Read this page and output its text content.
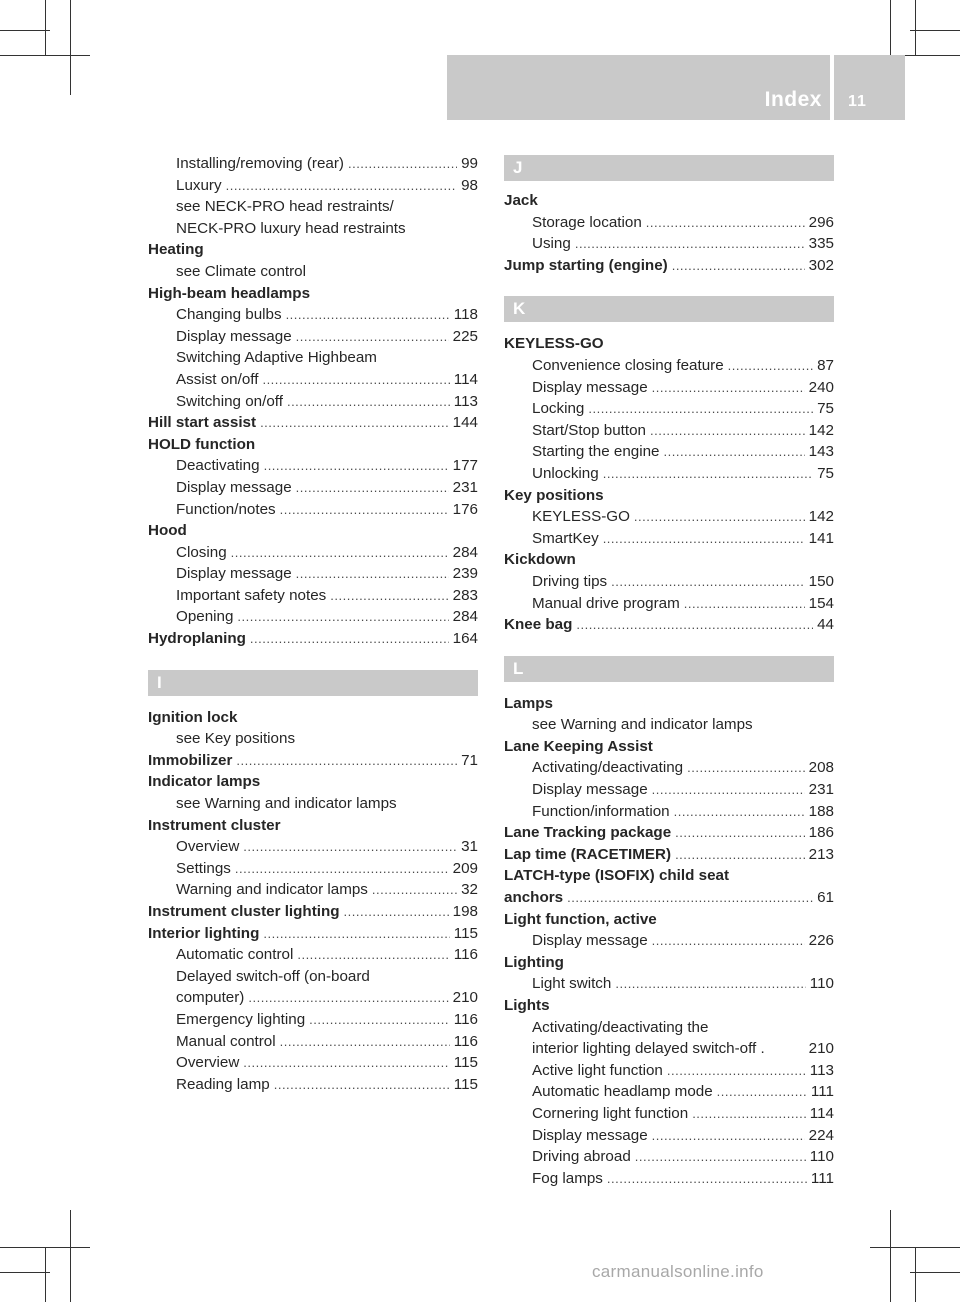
Index 11
Installing/removing (rear) .....	99
Luxury .....	98
see NECK-PRO head restraints/
NECK-PRO luxury head restraints
Heating
see Climate control
High-beam headlamps
Changing bulbs .....	118
Display message .....	225
Switching Adaptive Highbeam
Assist on/off .....	114
Switching on/off .....	113
Hill start assist .....	144
HOLD function
Deactivating .....	177
Display message .....	231
Function/notes .....	176
Hood
Closing .....	284
Display message .....	239
Important safety notes .....	283
Opening .....	284
Hydroplaning .....	164
I
Ignition lock
see Key positions
Immobilizer .....	71
Indicator lamps
see Warning and indicator lamps
Instrument cluster
Overview .....	31
Settings .....	209
Warning and indicator lamps .....	32
Instrument cluster lighting .....	198
Interior lighting .....	115
Automatic control .....	116
Delayed switch-off (on-board
computer) .....	210
Emergency lighting .....	116
Manual control .....	116
Overview .....	115
Reading lamp .....	115
J
Jack
Storage location .....	296
Using .....	335
Jump starting (engine) .....	302
K
KEYLESS-GO
Convenience closing feature .....	87
Display message .....	240
Locking .....	75
Start/Stop button .....	142
Starting the engine .....	143
Unlocking .....	75
Key positions
KEYLESS-GO .....	142
SmartKey .....	141
Kickdown
Driving tips .....	150
Manual drive program .....	154
Knee bag .....	44
L
Lamps
see Warning and indicator lamps
Lane Keeping Assist
Activating/deactivating .....	208
Display message .....	231
Function/information .....	188
Lane Tracking package .....	186
Lap time (RACETIMER) .....	213
LATCH-type (ISOFIX) child seat
anchors .....	61
Light function, active
Display message .....	226
Lighting
Light switch .....	110
Lights
Activating/deactivating the
interior lighting delayed switch-off .	210
Active light function .....	113
Automatic headlamp mode .....	111
Cornering light function .....	114
Display message .....	224
Driving abroad .....	110
Fog lamps .....	111
carmanualsonline.info
